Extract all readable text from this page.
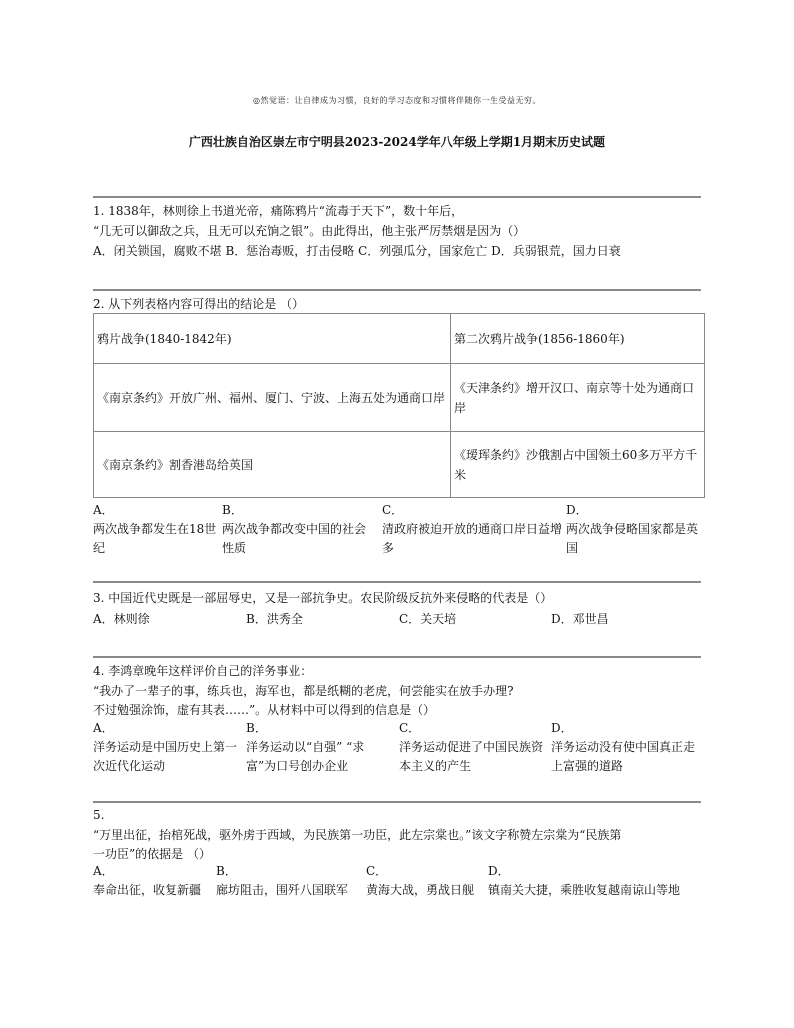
◎然觉语：让自律成为习惯，良好的学习态度和习惯将伴随你一生受益无穷。
广西壮族自治区崇左市宁明县2023-2024学年八年级上学期1月期末历史试题
1. 1838年，林则徐上书道光帝，痛陈鸦片“流毒于天下”，数十年后，
“几无可以御敌之兵，且无可以充饷之银”。由此得出，他主张严厉禁烟是因为（）
A．闭关锁国，腐败不堪 B．惩治毒贩，打击侵略 C．列强瓜分，国家危亡 D．兵弱银荒，国力日衰
2. 从下列表格内容可得出的结论是 （）
鸦片战争(1840-1842年)	第二次鸦片战争(1856-1860年)
《南京条约》开放广州、福州、厦门、宁波、上海五处为通商口岸	《天津条约》增开汉口、南京等十处为通商口岸
《南京条约》割香港岛给英国	《瑷珲条约》沙俄割占中国领土60多万平方千米
A．
两次战争都发生在18世纪
B．
两次战争都改变中国的社会性质
C．
清政府被迫开放的通商口岸日益增多
D．
两次战争侵略国家都是英国
3. 中国近代史既是一部屈辱史，又是一部抗争史。农民阶级反抗外来侵略的代表是（）
A．林则徐	B．洪秀全	C．关天培	D．邓世昌
4. 李鸿章晚年这样评价自己的洋务事业：
“我办了一辈子的事，练兵也，海军也，都是纸糊的老虎，何尝能实在放手办理?
不过勉强涂饰，虚有其表……”。从材料中可以得到的信息是（）
A．
洋务运动是中国历史上第一次近代化运动
B．
洋务运动以“自强” “求富”为口号创办企业
C．
洋务运动促进了中国民族资本主义的产生
D．
洋务运动没有使中国真正走上富强的道路
5.
“万里出征，抬棺死战，驱外虏于西域，为民族第一功臣，此左宗棠也。”该文字称赞左宗棠为“民族第
一功臣”的依据是 （）
A．
奉命出征，收复新疆
B．
廊坊阻击，围歼八国联军
C．
黄海大战，勇战日舰
D．
镇南关大捷，乘胜收复越南谅山等地
